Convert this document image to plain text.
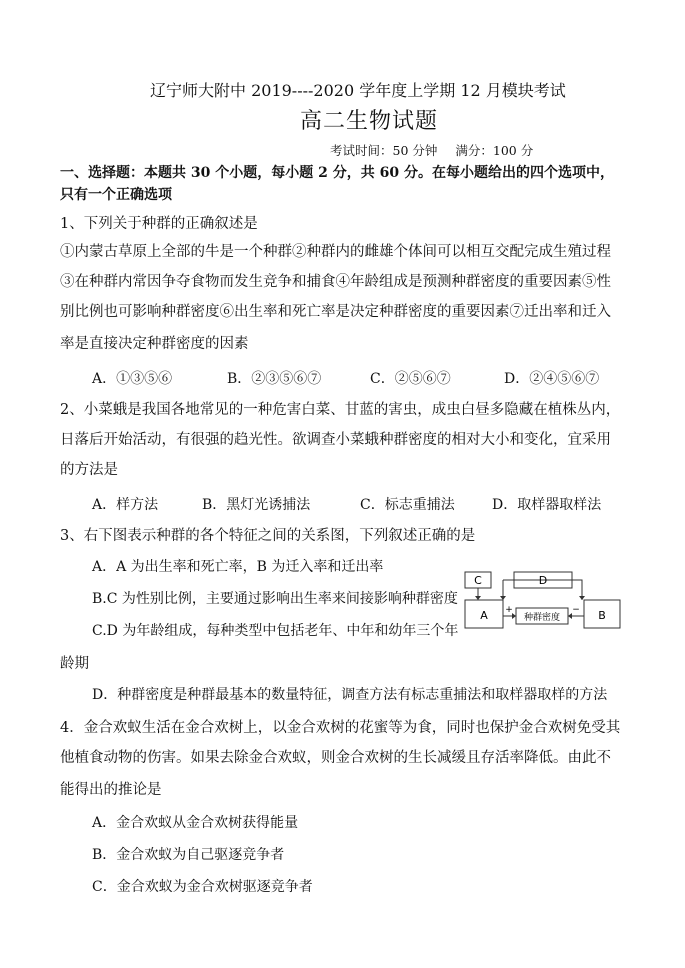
辽宁师大附中 2019----2020 学年度上学期 12 月模块考试
高二生物试题
考试时间：50 分钟 满分：100 分
一、选择题：本题共 30 个小题，每小题 2 分，共 60 分。在每小题给出的四个选项中，
只有一个正确选项
1、下列关于种群的正确叙述是
①内蒙古草原上全部的牛是一个种群②种群内的雌雄个体间可以相互交配完成生殖过程
③在种群内常因争夺食物而发生竞争和捕食④年龄组成是预测种群密度的重要因素⑤性
别比例也可影响种群密度⑥出生率和死亡率是决定种群密度的重要因素⑦迁出率和迁入
率是直接决定种群密度的因素
A．①③⑤⑥	B．②③⑤⑥⑦	C．②⑤⑥⑦	D．②④⑤⑥⑦
2、小菜蛾是我国各地常见的一种危害白菜、甘蓝的害虫，成虫白昼多隐藏在植株丛内，
日落后开始活动，有很强的趋光性。欲调查小菜蛾种群密度的相对大小和变化，宜采用
的方法是
A．样方法	B．黑灯光诱捕法	C．标志重捕法	D．取样器取样法
3、右下图表示种群的各个特征之间的关系图，下列叙述正确的是
A．A 为出生率和死亡率，B 为迁入率和迁出率
B.C 为性别比例，主要通过影响出生率来间接影响种群密度
C.D 为年龄组成，每种类型中包括老年、中年和幼年三个年
龄期
D．种群密度是种群最基本的数量特征，调查方法有标志重捕法和取样器取样的方法
C	D
A	B
种群密度
+	−
4．金合欢蚁生活在金合欢树上，以金合欢树的花蜜等为食，同时也保护金合欢树免受其
他植食动物的伤害。如果去除金合欢蚁，则金合欢树的生长减缓且存活率降低。由此不
能得出的推论是
A．金合欢蚁从金合欢树获得能量
B．金合欢蚁为自己驱逐竞争者
C．金合欢蚁为金合欢树驱逐竞争者
